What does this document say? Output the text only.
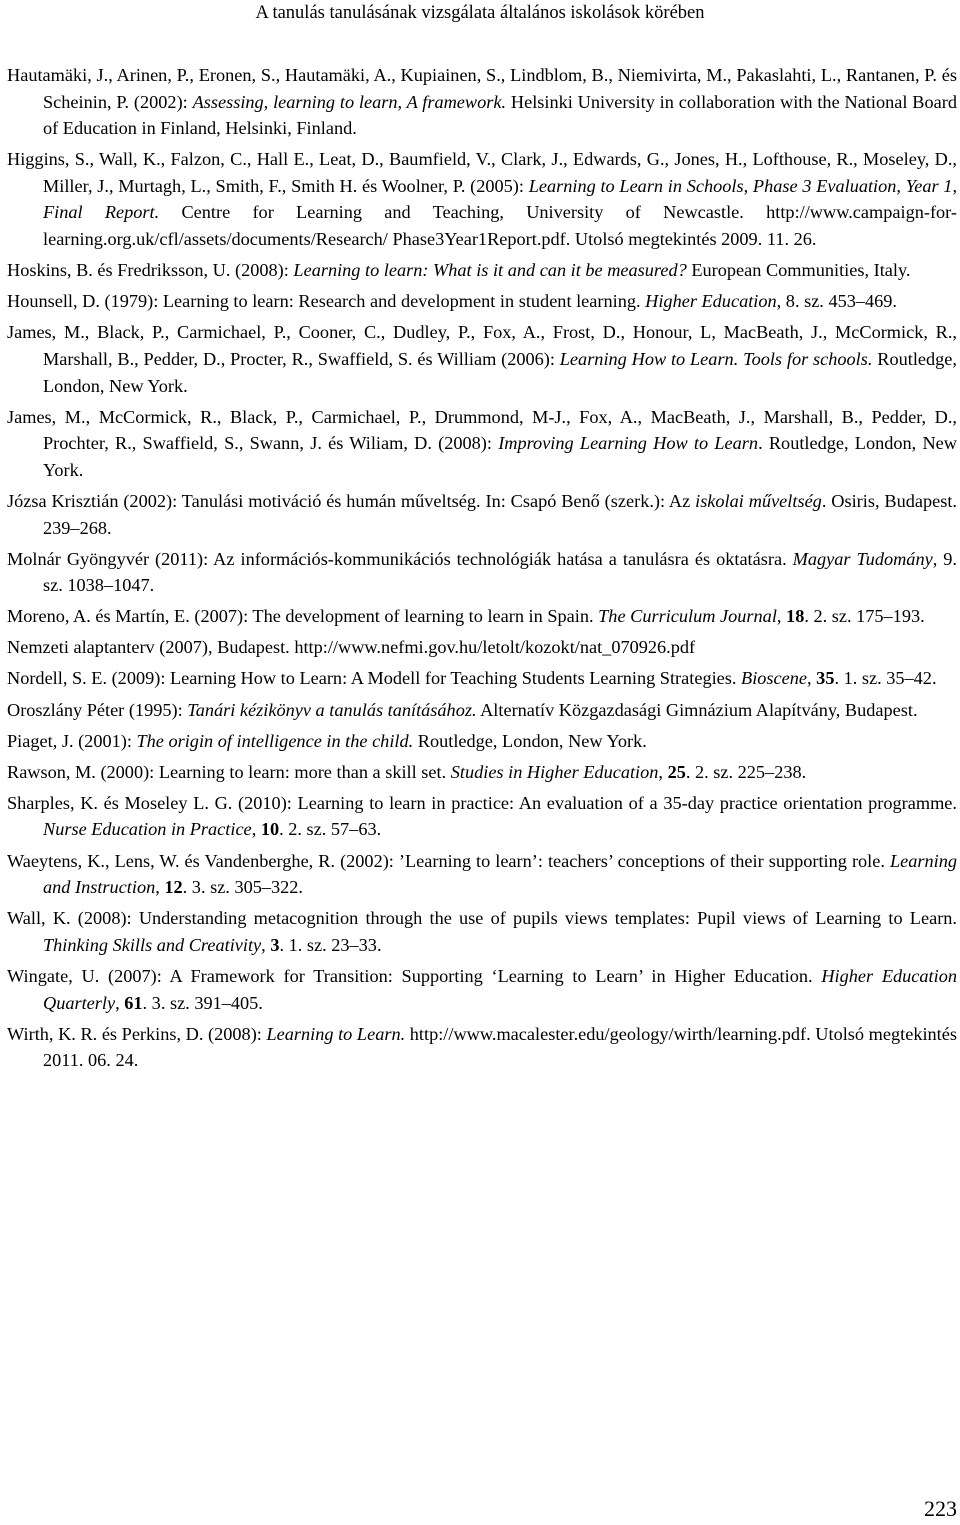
A tanulás tanulásának vizsgálata általános iskolások körében

Hautamäki, J., Arinen, P., Eronen, S., Hautamäki, A., Kupiainen, S., Lindblom, B., Niemivirta, M., Pakaslahti, L., Rantanen, P. és Scheinin, P. (2002): Assessing, learning to learn, A framework. Helsinki University in collaboration with the National Board of Education in Finland, Helsinki, Finland.

Higgins, S., Wall, K., Falzon, C., Hall E., Leat, D., Baumfield, V., Clark, J., Edwards, G., Jones, H., Lofthouse, R., Moseley, D., Miller, J., Murtagh, L., Smith, F., Smith H. és Woolner, P. (2005): Learning to Learn in Schools, Phase 3 Evaluation, Year 1, Final Report. Centre for Learning and Teaching, University of Newcastle. http://www.campaign-for-learning.org.uk/cfl/assets/documents/Research/ Phase3Year1Report.pdf. Utolsó megtekintés 2009. 11. 26.

Hoskins, B. és Fredriksson, U. (2008): Learning to learn: What is it and can it be measured? European Communities, Italy.

Hounsell, D. (1979): Learning to learn: Research and development in student learning. Higher Education, 8. sz. 453–469.

James, M., Black, P., Carmichael, P., Cooner, C., Dudley, P., Fox, A., Frost, D., Honour, L, MacBeath, J., McCormick, R., Marshall, B., Pedder, D., Procter, R., Swaffield, S. és William (2006): Learning How to Learn. Tools for schools. Routledge, London, New York.

James, M., McCormick, R., Black, P., Carmichael, P., Drummond, M-J., Fox, A., MacBeath, J., Marshall, B., Pedder, D., Prochter, R., Swaffield, S., Swann, J. és Wiliam, D. (2008): Improving Learning How to Learn. Routledge, London, New York.

Józsa Krisztián (2002): Tanulási motiváció és humán műveltség. In: Csapó Benő (szerk.): Az iskolai műveltség. Osiris, Budapest. 239–268.

Molnár Gyöngyvér (2011): Az információs-kommunikációs technológiák hatása a tanulásra és oktatásra. Magyar Tudomány, 9. sz. 1038–1047.

Moreno, A. és Martín, E. (2007): The development of learning to learn in Spain. The Curriculum Journal, 18. 2. sz. 175–193.

Nemzeti alaptanterv (2007), Budapest. http://www.nefmi.gov.hu/letolt/kozokt/nat_070926.pdf

Nordell, S. E. (2009): Learning How to Learn: A Modell for Teaching Students Learning Strategies. Bioscene, 35. 1. sz. 35–42.

Oroszlány Péter (1995): Tanári kézikönyv a tanulás tanításához. Alternatív Közgazdasági Gimnázium Alapítvány, Budapest.

Piaget, J. (2001): The origin of intelligence in the child. Routledge, London, New York.

Rawson, M. (2000): Learning to learn: more than a skill set. Studies in Higher Education, 25. 2. sz. 225–238.

Sharples, K. és Moseley L. G. (2010): Learning to learn in practice: An evaluation of a 35-day practice orientation programme. Nurse Education in Practice, 10. 2. sz. 57–63.

Waeytens, K., Lens, W. és Vandenberghe, R. (2002): ’Learning to learn’: teachers’ conceptions of their supporting role. Learning and Instruction, 12. 3. sz. 305–322.

Wall, K. (2008): Understanding metacognition through the use of pupils views templates: Pupil views of Learning to Learn. Thinking Skills and Creativity, 3. 1. sz. 23–33.

Wingate, U. (2007): A Framework for Transition: Supporting ‘Learning to Learn’ in Higher Education. Higher Education Quarterly, 61. 3. sz. 391–405.

Wirth, K. R. és Perkins, D. (2008): Learning to Learn. http://www.macalester.edu/geology/wirth/learning.pdf. Utolsó megtekintés 2011. 06. 24.

223
